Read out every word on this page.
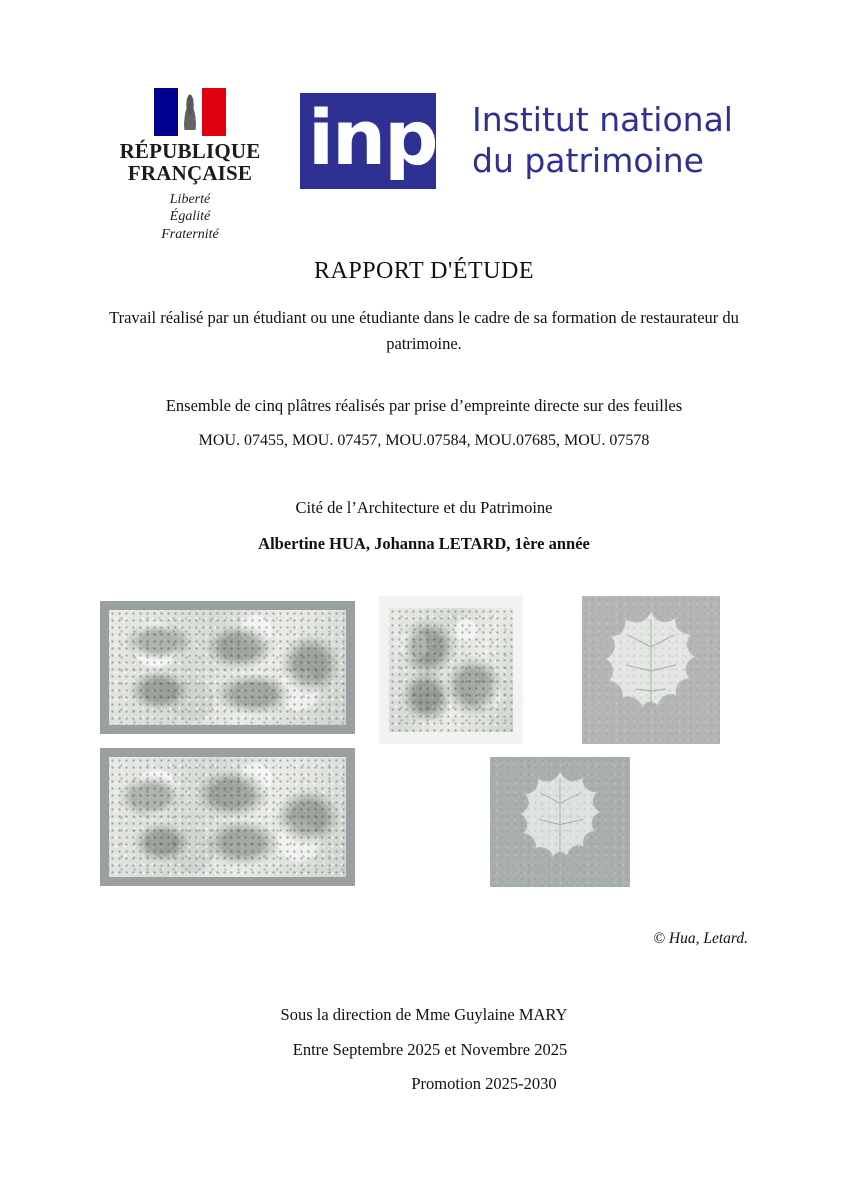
RÉPUBLIQUE
FRANÇAISE
Liberté
Égalité
Fraternité
inp Institut national
du patrimoine
RAPPORT D'ÉTUDE
Travail réalisé par un étudiant ou une étudiante dans le cadre de sa formation de restaurateur du patrimoine.
Ensemble de cinq plâtres réalisés par prise d’empreinte directe sur des feuilles
MOU. 07455, MOU. 07457, MOU.07584, MOU.07685, MOU. 07578
Cité de l’Architecture et du Patrimoine
Albertine HUA, Johanna LETARD, 1ère année
© Hua, Letard.
Sous la direction de Mme Guylaine MARY
Entre Septembre 2025 et Novembre 2025
Promotion 2025-2030
